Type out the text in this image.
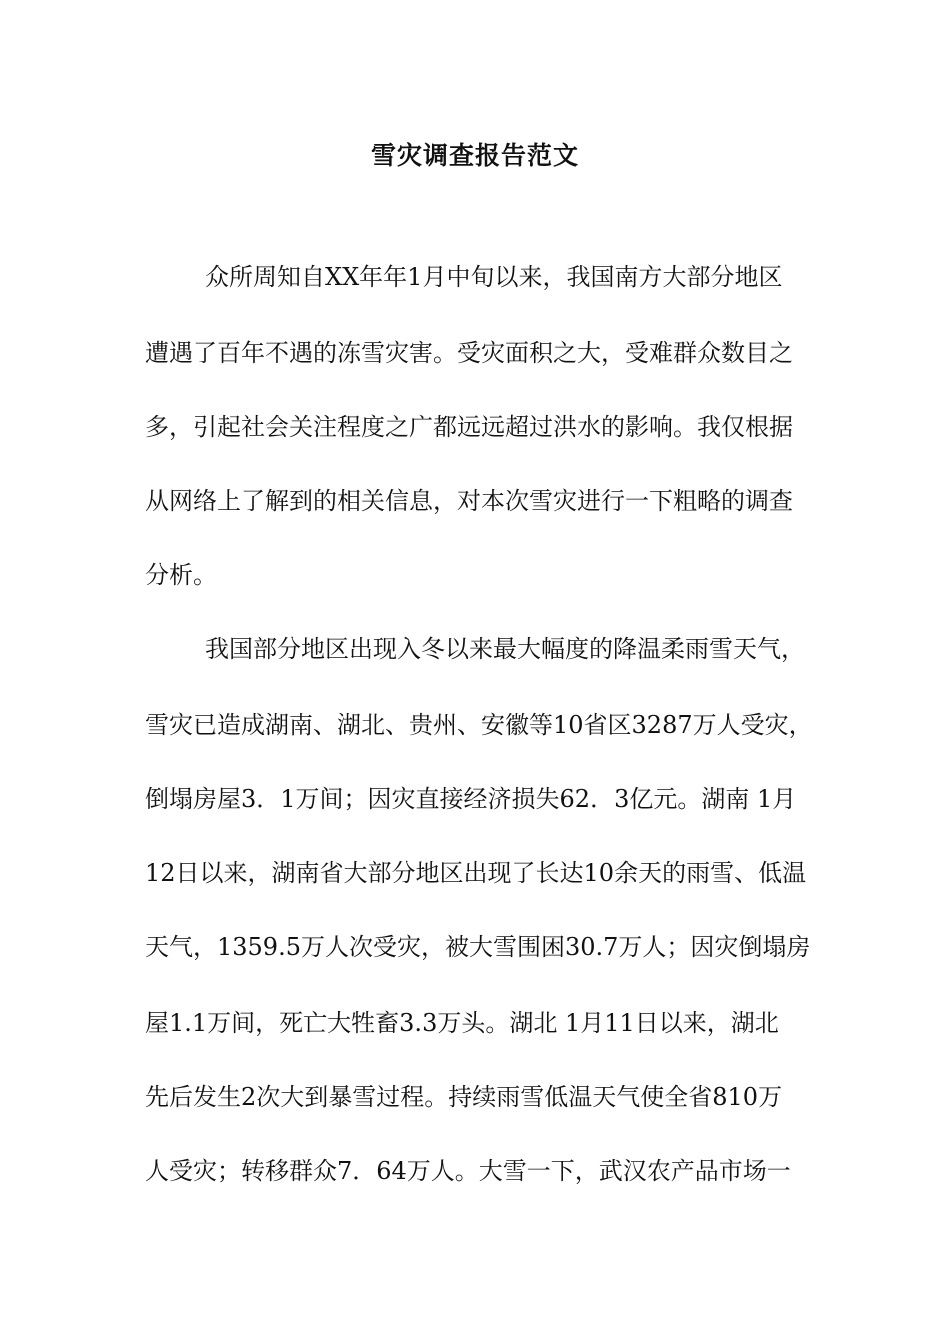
雪灾调查报告范文
众所周知自XX年年1月中旬以来，我国南方大部分地区
遭遇了百年不遇的冻雪灾害。受灾面积之大，受难群众数目之
多，引起社会关注程度之广都远远超过洪水的影响。我仅根据
从网络上了解到的相关信息，对本次雪灾进行一下粗略的调查
分析。
我国部分地区出现入冬以来最大幅度的降温柔雨雪天气，
雪灾已造成湖南、湖北、贵州、安徽等10省区3287万人受灾，
倒塌房屋3．1万间；因灾直接经济损失62．3亿元。湖南 1月
12日以来，湖南省大部分地区出现了长达10余天的雨雪、低温
天气，1359.5万人次受灾，被大雪围困30.7万人；因灾倒塌房
屋1.1万间，死亡大牲畜3.3万头。湖北 1月11日以来，湖北
先后发生2次大到暴雪过程。持续雨雪低温天气使全省810万
人受灾；转移群众7．64万人。大雪一下，武汉农产品市场一
